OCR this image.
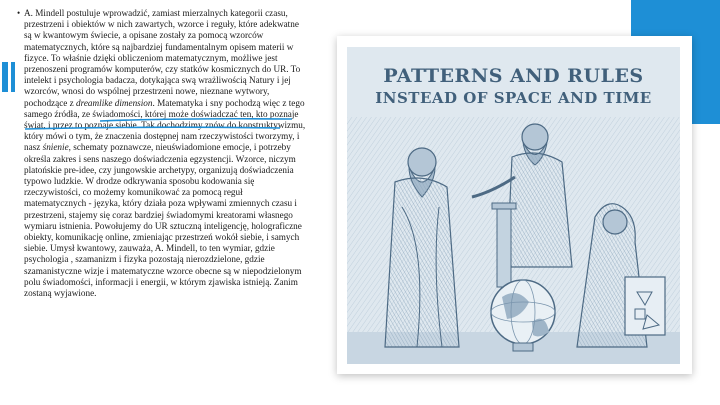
• A. Mindell postuluje wprowadzić, zamiast mierzalnych kategorii czasu, przestrzeni i obiektów w nich zawartych, wzorce i reguły, które adekwatne są w kwantowym świecie, a opisane zostały za pomocą wzorców matematycznych, które są najbardziej fundamentalnym opisem materii w fizyce. To właśnie dzięki obliczeniom matematycznym, możliwe jest przenoszeni programów komputerów, czy statków kosmicznych do UR. To intelekt i psychologia badacza, dotykająca swą wrażliwością Natury i jej wzorców, wnosi do wspólnej przestrzeni nowe, nieznane wytwory, pochodzące z dreamlike dimension. Matematyka i sny pochodzą więc z tego samego źródła, ze świadomości, której może doświadczać ten, kto poznaje świat, i przez to poznaje siebie. Tak dochodzimy znów do konstruktywizmu, który mówi o tym, że znaczenia dostępnej nam rzeczywistości tworzymy, i nasz śnienie, schematy poznawcze, nieuświadomione emocje, i potrzeby określa zakres i sens naszego doświadczenia egzystencji. Wzorce, niczym platońskie pre-idee, czy jungowskie archetypy, organizują doświadczenia typowo ludzkie. W drodze odkrywania sposobu kodowania się rzeczywistości, co możemy komunikować za pomocą reguł matematycznych - języka, który działa poza wpływami zmiennych czasu i przestrzeni, stajemy się coraz bardziej świadomymi kreatorami własnego wymiaru istnienia. Powołujemy do UR sztuczną inteligencję, holograficzne obiekty, komunikację online, zmieniając przestrzeń wokół siebie, i samych siebie. Umysł kwantowy, zauważa, A. Mindell, to ten wymiar, gdzie psychologia , szamanizm i fizyka pozostają nierozdzielone, gdzie szamanistyczne wizje i matematyczne wzorce obecne są w niepodzielonym polu świadomości, informacji i energii, w którym zjawiska istnieją. Zanim zostaną wyjawione.
PATTERNS AND RULES
INSTEAD OF SPACE AND TIME
